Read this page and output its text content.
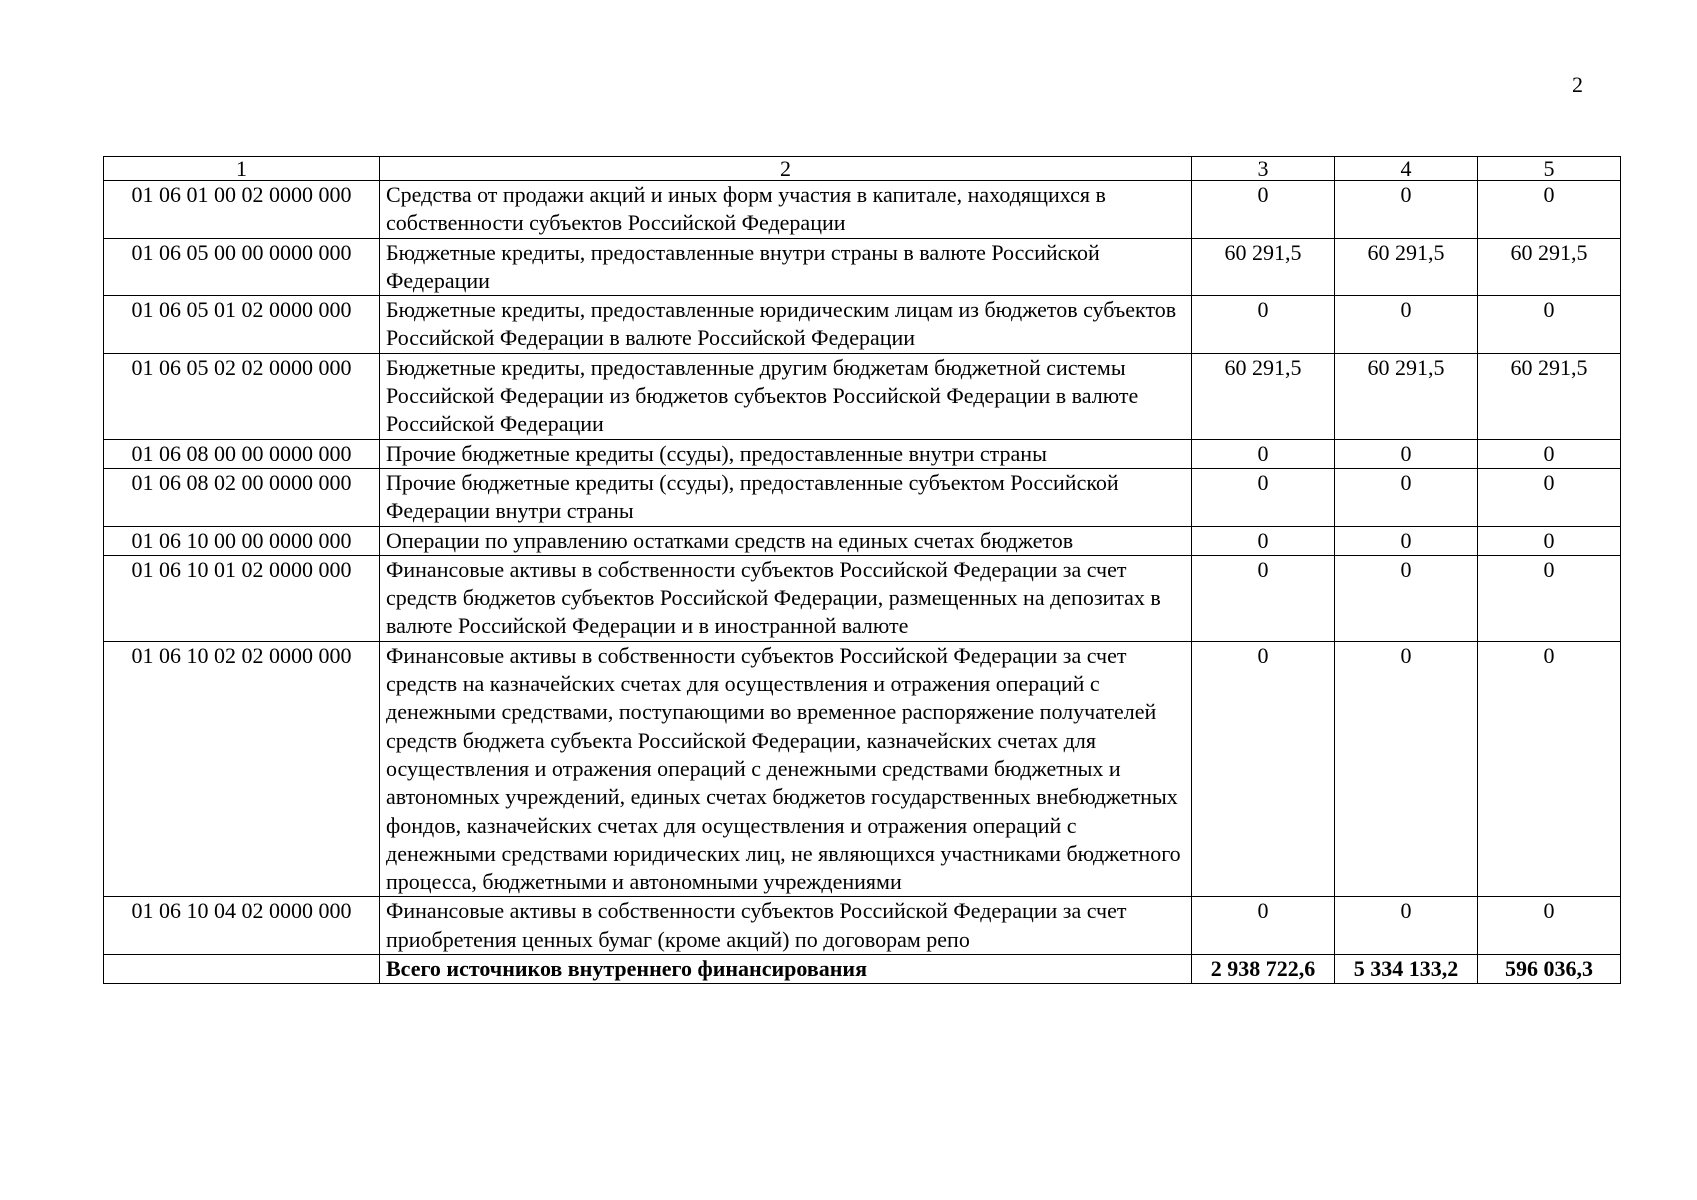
2
1	2	3	4	5
01 06 01 00 02 0000 000	Средства от продажи акций и иных форм участия в капитале, находящихся в собственности субъектов Российской Федерации	0	0	0
01 06 05 00 00 0000 000	Бюджетные кредиты, предоставленные внутри страны в валюте Российской Федерации	60 291,5	60 291,5	60 291,5
01 06 05 01 02 0000 000	Бюджетные кредиты, предоставленные юридическим лицам из бюджетов субъектов Российской Федерации в валюте Российской Федерации	0	0	0
01 06 05 02 02 0000 000	Бюджетные кредиты, предоставленные другим бюджетам бюджетной системы Российской Федерации из бюджетов субъектов Российской Федерации в валюте Российской Федерации	60 291,5	60 291,5	60 291,5
01 06 08 00 00 0000 000	Прочие бюджетные кредиты (ссуды), предоставленные внутри страны	0	0	0
01 06 08 02 00 0000 000	Прочие бюджетные кредиты (ссуды), предоставленные субъектом Российской Федерации внутри страны	0	0	0
01 06 10 00 00 0000 000	Операции по управлению остатками средств на единых счетах бюджетов	0	0	0
01 06 10 01 02 0000 000	Финансовые активы в собственности субъектов Российской Федерации за счет средств бюджетов субъектов Российской Федерации, размещенных на депозитах в валюте Российской Федерации и в иностранной валюте	0	0	0
01 06 10 02 02 0000 000	Финансовые активы в собственности субъектов Российской Федерации за счет средств на казначейских счетах для осуществления и отражения операций с денежными средствами, поступающими во временное распоряжение получателей средств бюджета субъекта Российской Федерации, казначейских счетах для осуществления и отражения операций с денежными средствами бюджетных и автономных учреждений, единых счетах бюджетов государственных внебюджетных фондов, казначейских счетах для осуществления и отражения операций с денежными средствами юридических лиц, не являющихся участниками бюджетного процесса, бюджетными и автономными учреждениями	0	0	0
01 06 10 04 02 0000 000	Финансовые активы в собственности субъектов Российской Федерации за счет приобретения ценных бумаг (кроме акций) по договорам репо	0	0	0
	Всего источников внутреннего финансирования	2 938 722,6	5 334 133,2	596 036,3
